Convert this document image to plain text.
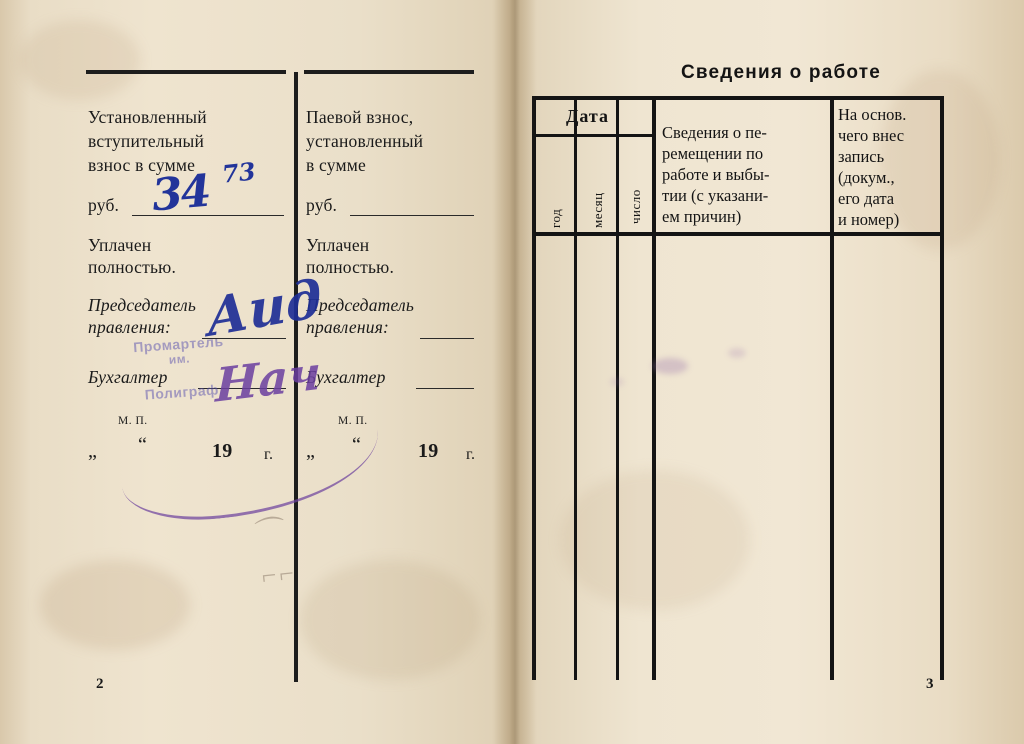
Установленный
вступительный
взнос в сумме
руб.
Уплачен
полностью.
Председатель
правления:
Бухгалтер
М. П.
„ “	19 г.
Паевой взнос,
установленный
в сумме
руб.
Уплачен
полностью.
Председатель
правления:
Бухгалтер
М. П.
„ “	19 г.
34 73
Аид
Нач
Промартель
им.
Полиграф
⌒
⌐⌐
2
Сведения о работе
Дата
год месяц число
Сведения о пе-
ремещении по
работе и выбы-
тии (с указани-
ем причин)
На основ.
чего внес
запись
(докум.,
его дата
и номер)
3
